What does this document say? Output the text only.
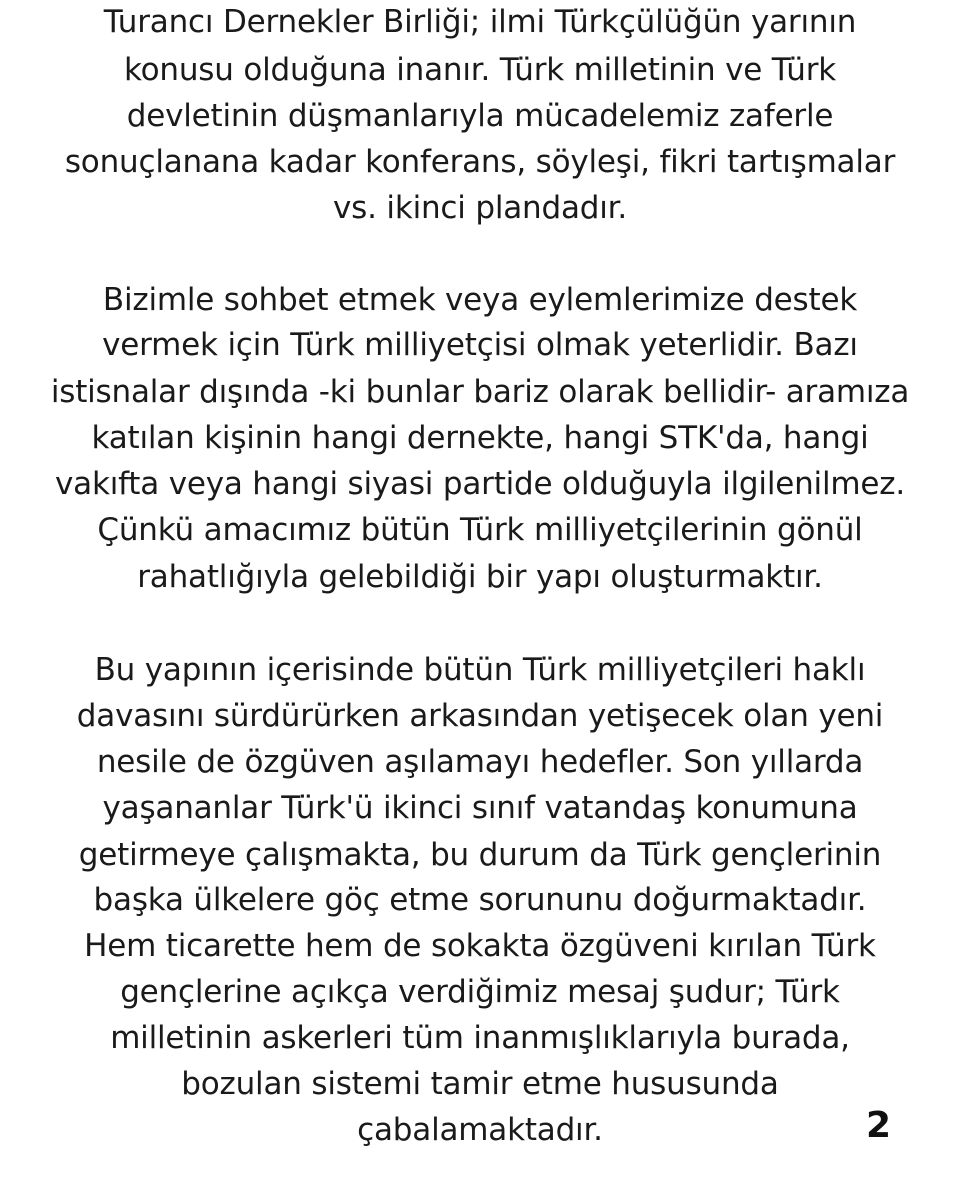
Turancı Dernekler Birliği; ilmi Türkçülüğün yarının
konusu olduğuna inanır. Türk milletinin ve Türk
devletinin düşmanlarıyla mücadelemiz zaferle
sonuçlanana kadar konferans, söyleşi, fikri tartışmalar
vs. ikinci plandadır.
Bizimle sohbet etmek veya eylemlerimize destek
vermek için Türk milliyetçisi olmak yeterlidir. Bazı
istisnalar dışında -ki bunlar bariz olarak bellidir- aramıza
katılan kişinin hangi dernekte, hangi STK'da, hangi
vakıfta veya hangi siyasi partide olduğuyla ilgilenilmez.
Çünkü amacımız bütün Türk milliyetçilerinin gönül
rahatlığıyla gelebildiği bir yapı oluşturmaktır.
Bu yapının içerisinde bütün Türk milliyetçileri haklı
davasını sürdürürken arkasından yetişecek olan yeni
nesile de özgüven aşılamayı hedefler. Son yıllarda
yaşananlar Türk'ü ikinci sınıf vatandaş konumuna
getirmeye çalışmakta, bu durum da Türk gençlerinin
başka ülkelere göç etme sorununu doğurmaktadır.
Hem ticarette hem de sokakta özgüveni kırılan Türk
gençlerine açıkça verdiğimiz mesaj şudur; Türk
milletinin askerleri tüm inanmışlıklarıyla burada,
bozulan sistemi tamir etme hususunda
çabalamaktadır.	2
